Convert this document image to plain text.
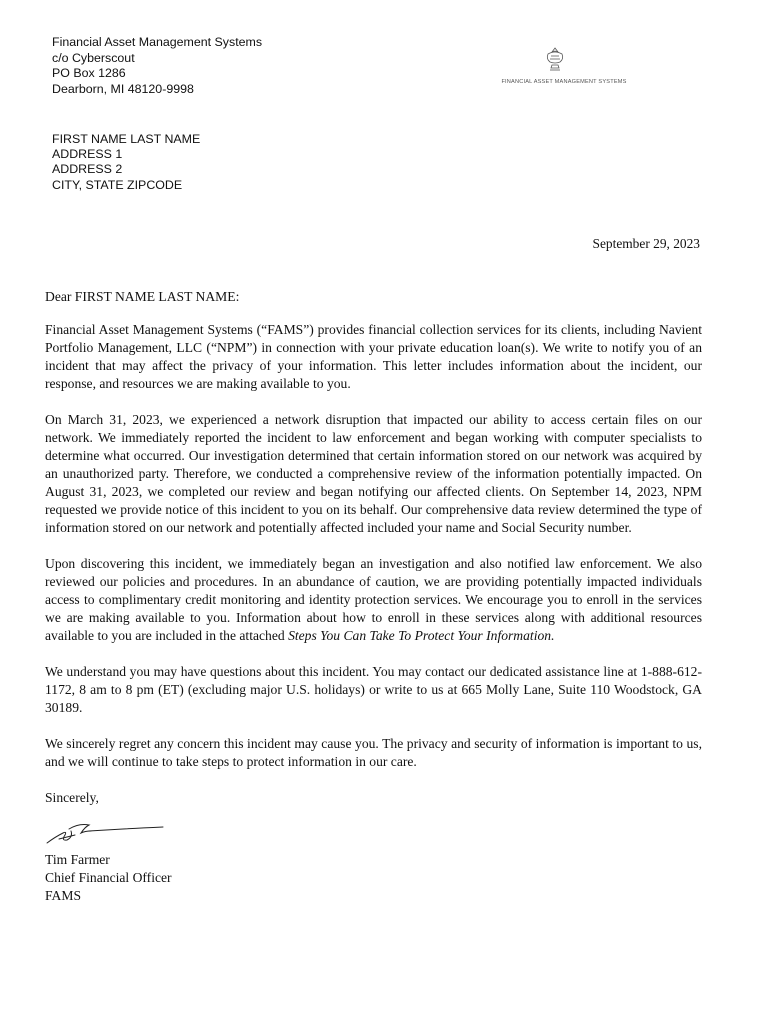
Financial Asset Management Systems
c/o Cyberscout
PO Box 1286
Dearborn, MI 48120-9998	FINANCIAL ASSET MANAGEMENT SYSTEMS
FIRST NAME LAST NAME
ADDRESS 1
ADDRESS 2
CITY, STATE ZIPCODE
September 29, 2023

Dear FIRST NAME LAST NAME:

Financial Asset Management Systems (“FAMS”) provides financial collection services for its clients, including Navient Portfolio Management, LLC (“NPM”) in connection with your private education loan(s). We write to notify you of an incident that may affect the privacy of your information. This letter includes information about the incident, our response, and resources we are making available to you.

On March 31, 2023, we experienced a network disruption that impacted our ability to access certain files on our network. We immediately reported the incident to law enforcement and began working with computer specialists to determine what occurred. Our investigation determined that certain information stored on our network was acquired by an unauthorized party. Therefore, we conducted a comprehensive review of the information potentially impacted. On August 31, 2023, we completed our review and began notifying our affected clients. On September 14, 2023, NPM requested we provide notice of this incident to you on its behalf. Our comprehensive data review determined the type of information stored on our network and potentially affected included your name and Social Security number.

Upon discovering this incident, we immediately began an investigation and also notified law enforcement. We also reviewed our policies and procedures. In an abundance of caution, we are providing potentially impacted individuals access to complimentary credit monitoring and identity protection services. We encourage you to enroll in the services we are making available to you. Information about how to enroll in these services along with additional resources available to you are included in the attached Steps You Can Take To Protect Your Information.

We understand you may have questions about this incident. You may contact our dedicated assistance line at 1-888-612-1172, 8 am to 8 pm (ET) (excluding major U.S. holidays) or write to us at 665 Molly Lane, Suite 110 Woodstock, GA 30189.

We sincerely regret any concern this incident may cause you. The privacy and security of information is important to us, and we will continue to take steps to protect information in our care.

Sincerely,

Tim Farmer

Chief Financial Officer

FAMS
